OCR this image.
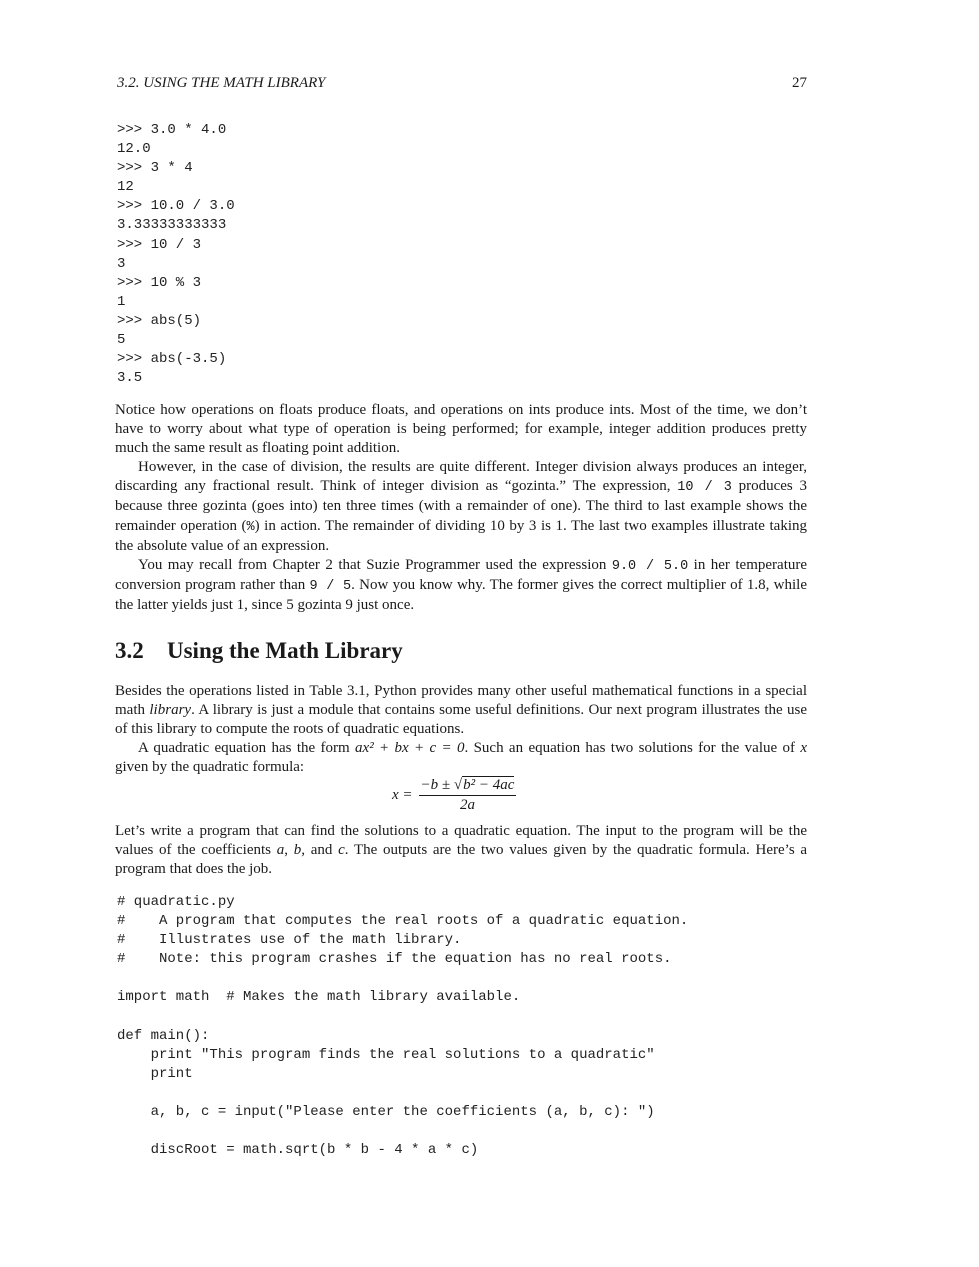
3.2. USING THE MATH LIBRARY	27
>>> 3.0 * 4.0
12.0
>>> 3 * 4
12
>>> 10.0 / 3.0
3.33333333333
>>> 10 / 3
3
>>> 10 % 3
1
>>> abs(5)
5
>>> abs(-3.5)
3.5

Notice how operations on floats produce floats, and operations on ints produce ints. Most of the time, we don’t have to worry about what type of operation is being performed; for example, integer addition produces pretty much the same result as floating point addition.

However, in the case of division, the results are quite different. Integer division always produces an integer, discarding any fractional result. Think of integer division as “gozinta.” The expression, 10 / 3 produces 3 because three gozinta (goes into) ten three times (with a remainder of one). The third to last example shows the remainder operation (%) in action. The remainder of dividing 10 by 3 is 1. The last two examples illustrate taking the absolute value of an expression.

You may recall from Chapter 2 that Suzie Programmer used the expression 9.0 / 5.0 in her temperature conversion program rather than 9 / 5. Now you know why. The former gives the correct multiplier of 1.8, while the latter yields just 1, since 5 gozinta 9 just once.

3.2 Using the Math Library

Besides the operations listed in Table 3.1, Python provides many other useful mathematical functions in a special math library. A library is just a module that contains some useful definitions. Our next program illustrates the use of this library to compute the roots of quadratic equations.

A quadratic equation has the form ax² + bx + c = 0. Such an equation has two solutions for the value of x given by the quadratic formula:

$x = \frac{\text{−b ± √b² − 4ac}}{2a}$

Let’s write a program that can find the solutions to a quadratic equation. The input to the program will be the values of the coefficients a, b, and c. The outputs are the two values given by the quadratic formula. Here’s a program that does the job.

# quadratic.py
#    A program that computes the real roots of a quadratic equation.
#    Illustrates use of the math library.
#    Note: this program crashes if the equation has no real roots.
import math  # Makes the math library available.
def main():
print "This program finds the real solutions to a quadratic"
print
a, b, c = input("Please enter the coefficients (a, b, c): ")
discRoot = math.sqrt(b * b - 4 * a * c)
